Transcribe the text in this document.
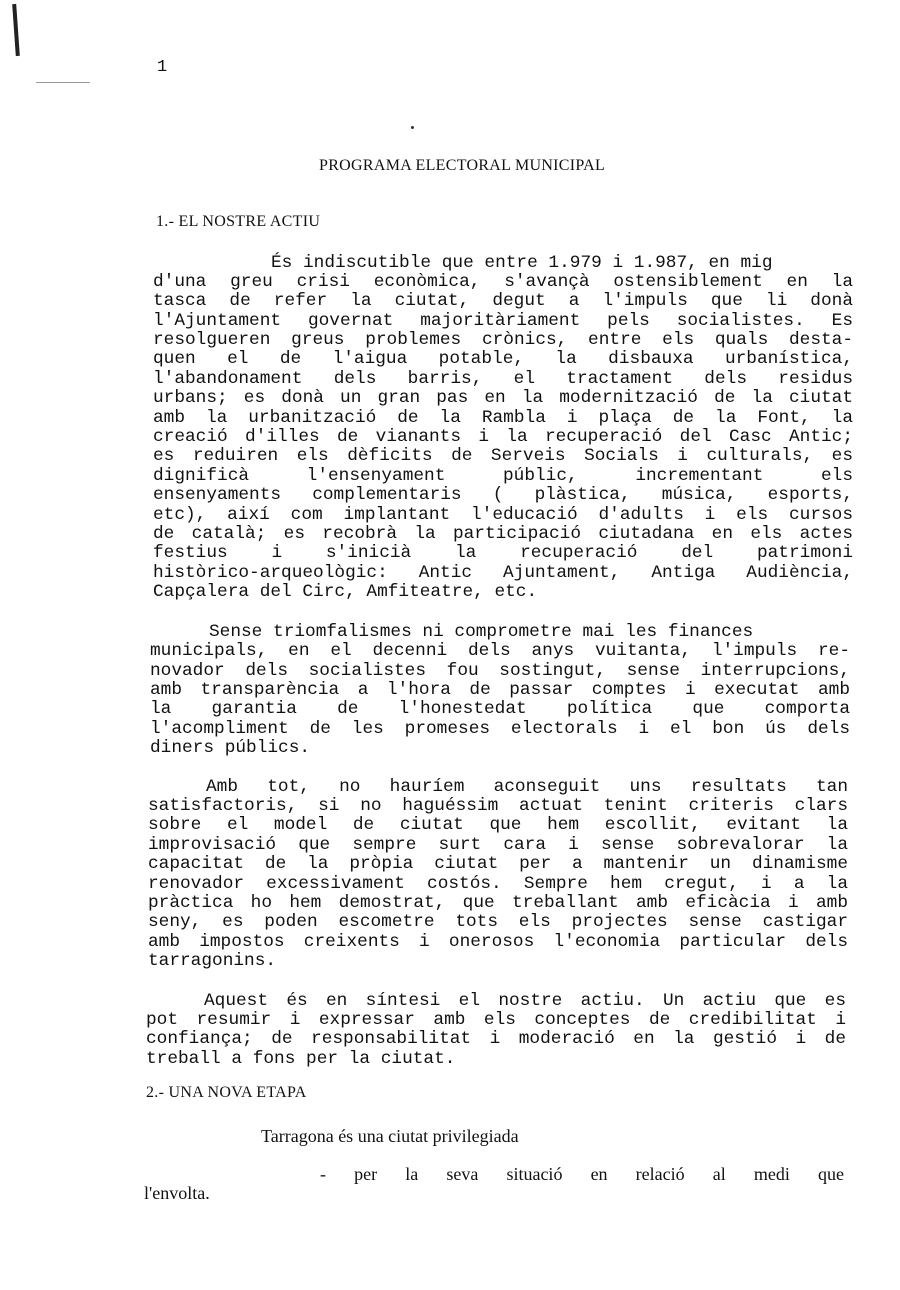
1
PROGRAMA ELECTORAL MUNICIPAL
1.- EL NOSTRE ACTIU
És indiscutible que entre 1.979 i 1.987, en mig
d'una greu crisi econòmica, s'avançà ostensiblement en la
tasca de refer la ciutat, degut a l'impuls que li donà
l'Ajuntament governat majoritàriament pels socialistes. Es
resolgueren greus problemes crònics, entre els quals desta-
quen el de l'aigua potable, la disbauxa urbanística,
l'abandonament dels barris, el tractament dels residus
urbans; es donà un gran pas en la modernització de la ciutat
amb la urbanització de la Rambla i plaça de la Font, la
creació d'illes de vianants i la recuperació del Casc Antic;
es reduiren els dèficits de Serveis Socials i culturals, es
dignificà l'ensenyament públic, incrementant els
ensenyaments complementaris ( plàstica, música, esports,
etc), així com implantant l'educació d'adults i els cursos
de català; es recobrà la participació ciutadana en els actes
festius i s'inicià la recuperació del patrimoni
històrico-arqueològic: Antic Ajuntament, Antiga Audiència,
Capçalera del Circ, Amfiteatre, etc.
Sense triomfalismes ni comprometre mai les finances
municipals, en el decenni dels anys vuitanta, l'impuls re-
novador dels socialistes fou sostingut, sense interrupcions,
amb transparència a l'hora de passar comptes i executat amb
la garantia de l'honestedat política que comporta
l'acompliment de les promeses electorals i el bon ús dels
diners públics.
Amb tot, no hauríem aconseguit uns resultats tan
satisfactoris, si no haguéssim actuat tenint criteris clars
sobre el model de ciutat que hem escollit, evitant la
improvisació que sempre surt cara i sense sobrevalorar la
capacitat de la pròpia ciutat per a mantenir un dinamisme
renovador excessivament costós. Sempre hem cregut, i a la
pràctica ho hem demostrat, que treballant amb eficàcia i amb
seny, es poden escometre tots els projectes sense castigar
amb impostos creixents i onerosos l'economia particular dels
tarragonins.
Aquest és en síntesi el nostre actiu. Un actiu que es
pot resumir i expressar amb els conceptes de credibilitat i
confiança; de responsabilitat i moderació en la gestió i de
treball a fons per la ciutat.
2.- UNA NOVA ETAPA
Tarragona és una ciutat privilegiada
- per la seva situació en relació al medi que
l'envolta.
